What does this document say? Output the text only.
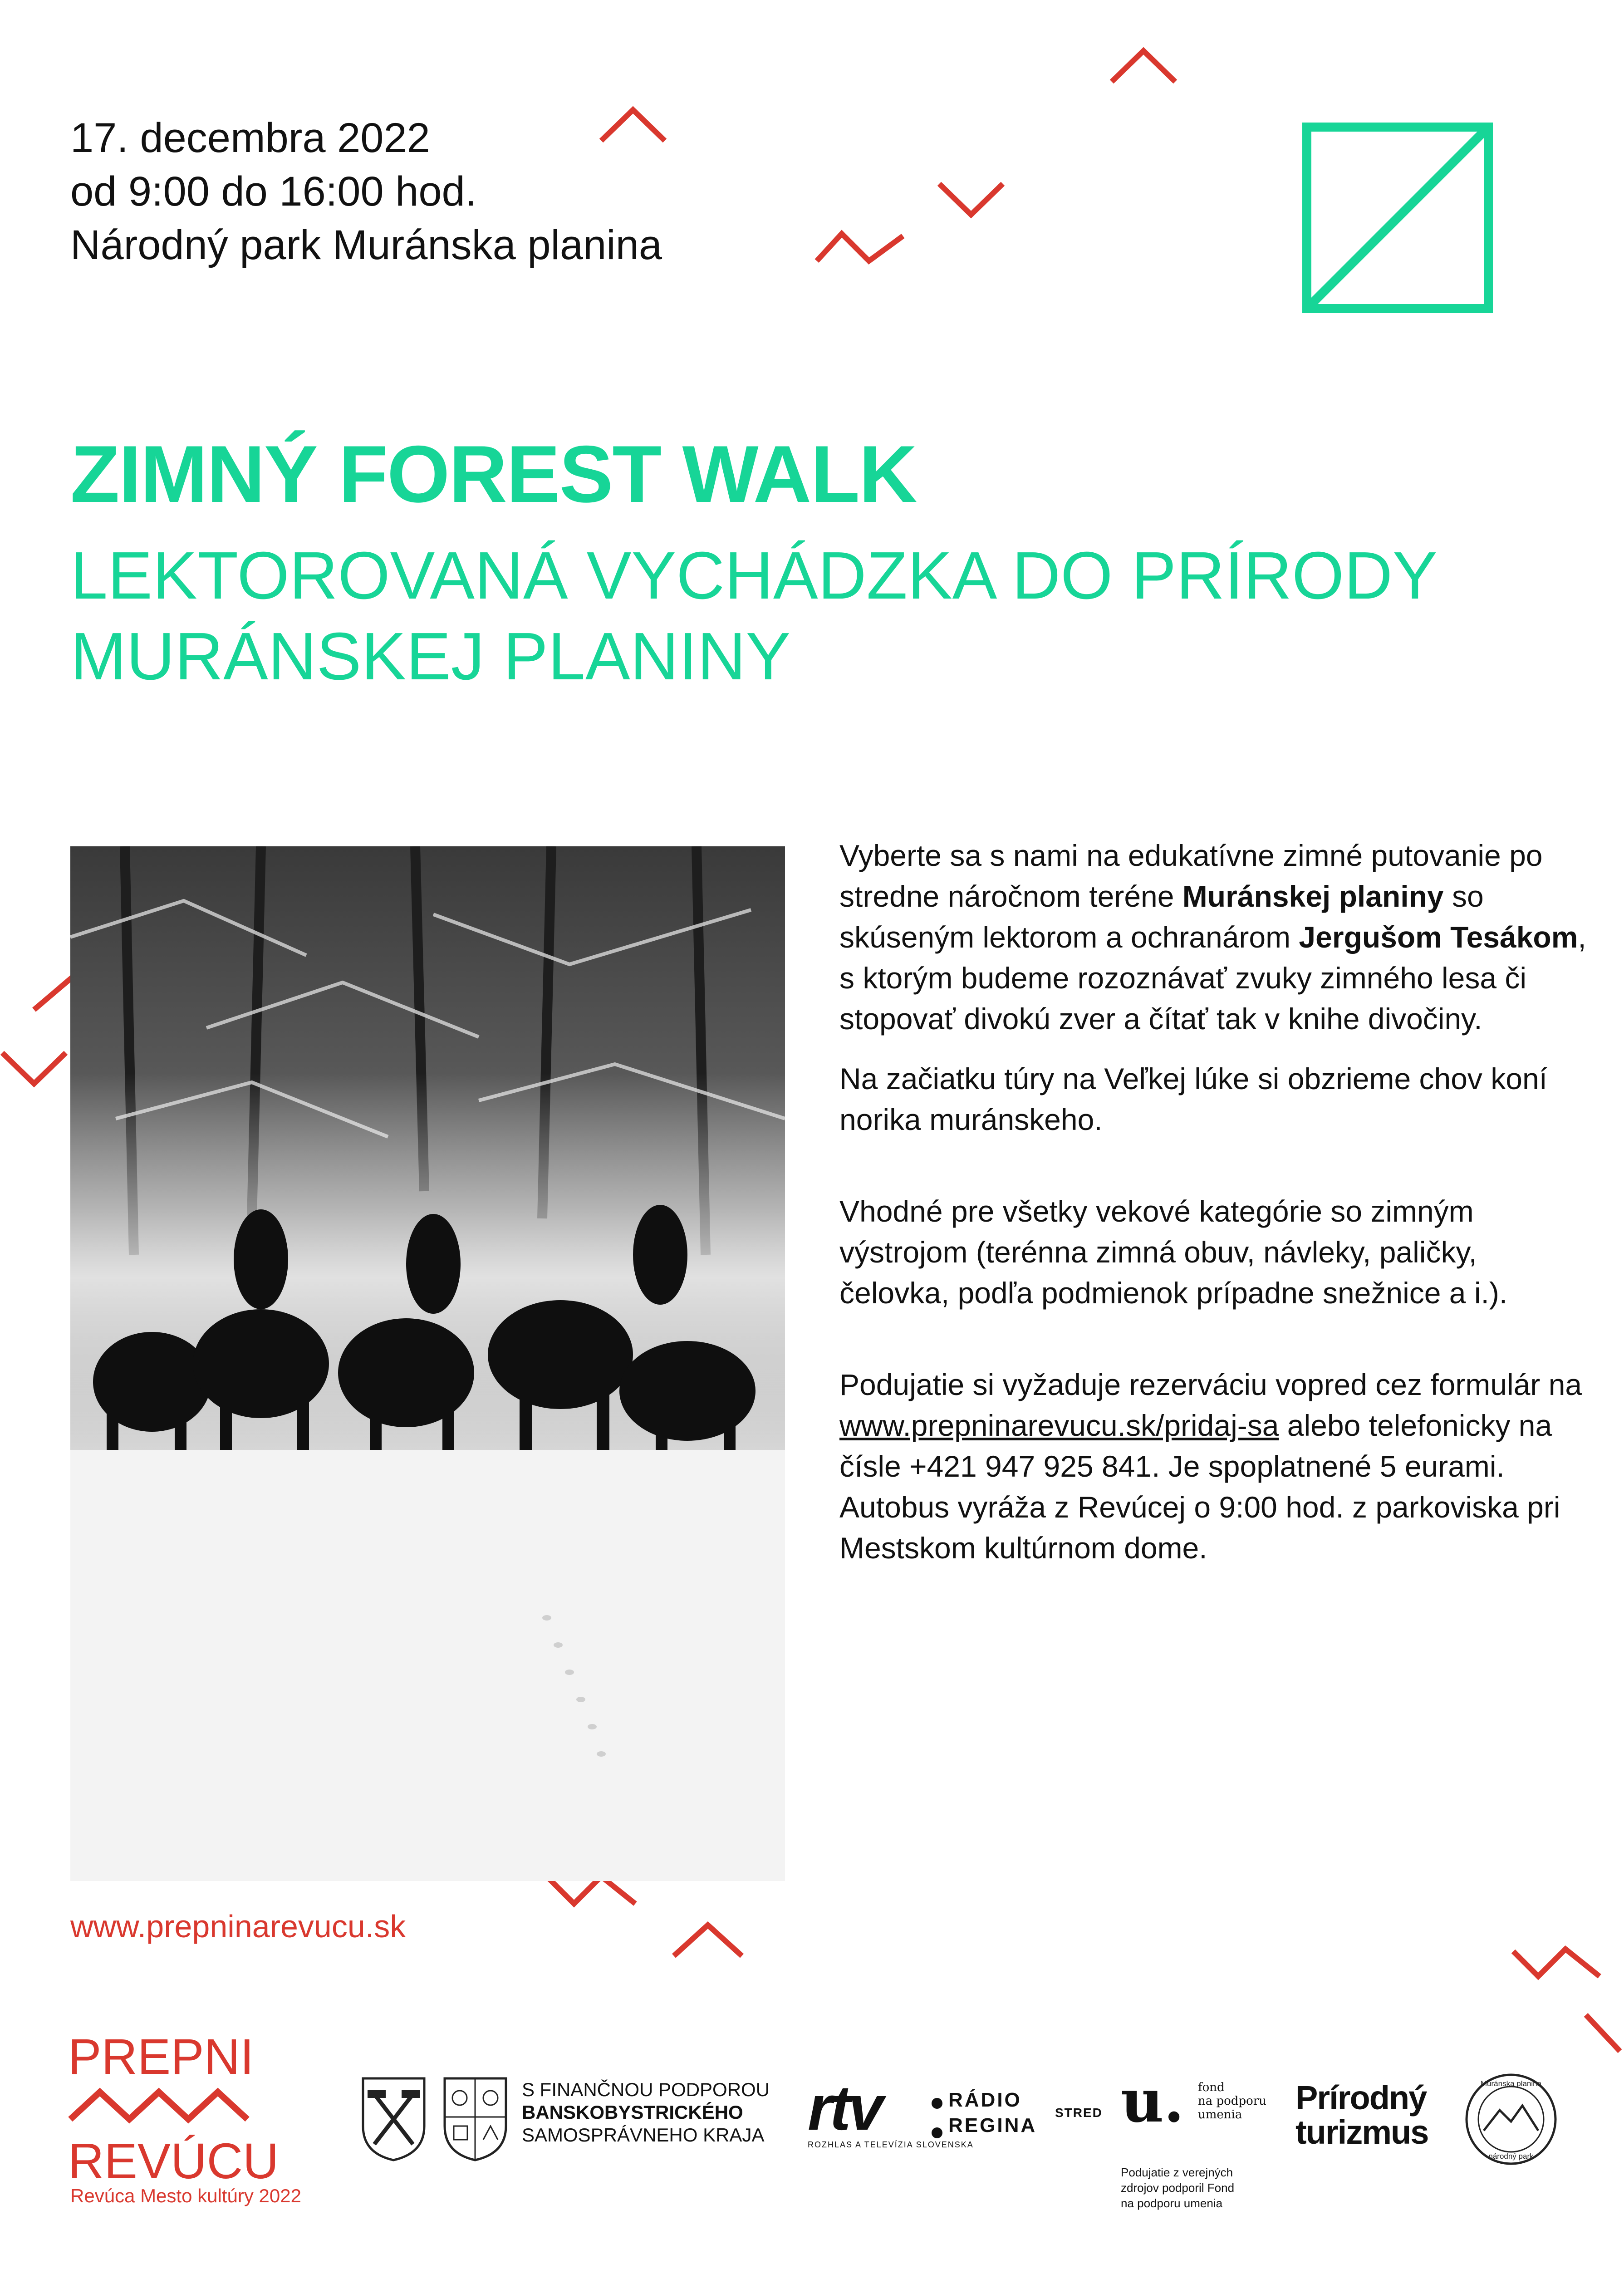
17. decembra 2022
od 9:00 do 16:00 hod.
Národný park Muránska planina
ZIMNÝ FOREST WALK
LEKTOROVANÁ VYCHÁDZKA DO PRÍRODY
MURÁNSKEJ PLANINY

Vyberte sa s nami na edukatívne zimné putovanie po stredne náročnom teréne Muránskej planiny so skúseným lektorom a ochranárom Jergušom Tesákom, s ktorým budeme rozoznávať zvuky zimného lesa či stopovať divokú zver a čítať tak v knihe divočiny.

Na začiatku túry na Veľkej lúke si obzrieme chov koní norika muránskeho.

Vhodné pre všetky vekové kategórie so zimným výstrojom (terénna zimná obuv, návleky, paličky, čelovka, podľa podmienok prípadne snežnice a i.).

Podujatie si vyžaduje rezerváciu vopred cez formulár na www.prepninarevucu.sk/pridaj-sa alebo telefonicky na čísle +421 947 925 841. Je spoplatnené 5 eurami. Autobus vyráža z Revúcej o 9:00 hod. z parkoviska pri Mestskom kultúrnom dome.

www.prepninarevucu.sk
PREPNI
REVÚCU
Revúca Mesto kultúry 2022
S FINANČNOU PODPOROU
BANSKOBYSTRICKÉHO
SAMOSPRÁVNEHO KRAJA rtv
ROZHLAS A TELEVÍZIA SLOVENSKA
RÁDIO
REGINA
STRED u. fond
na podporu
umenia
Podujatie z verejných
zdrojov podporil Fond
na podporu umenia
Prírodný
turizmus
Muránska planina
národný park
